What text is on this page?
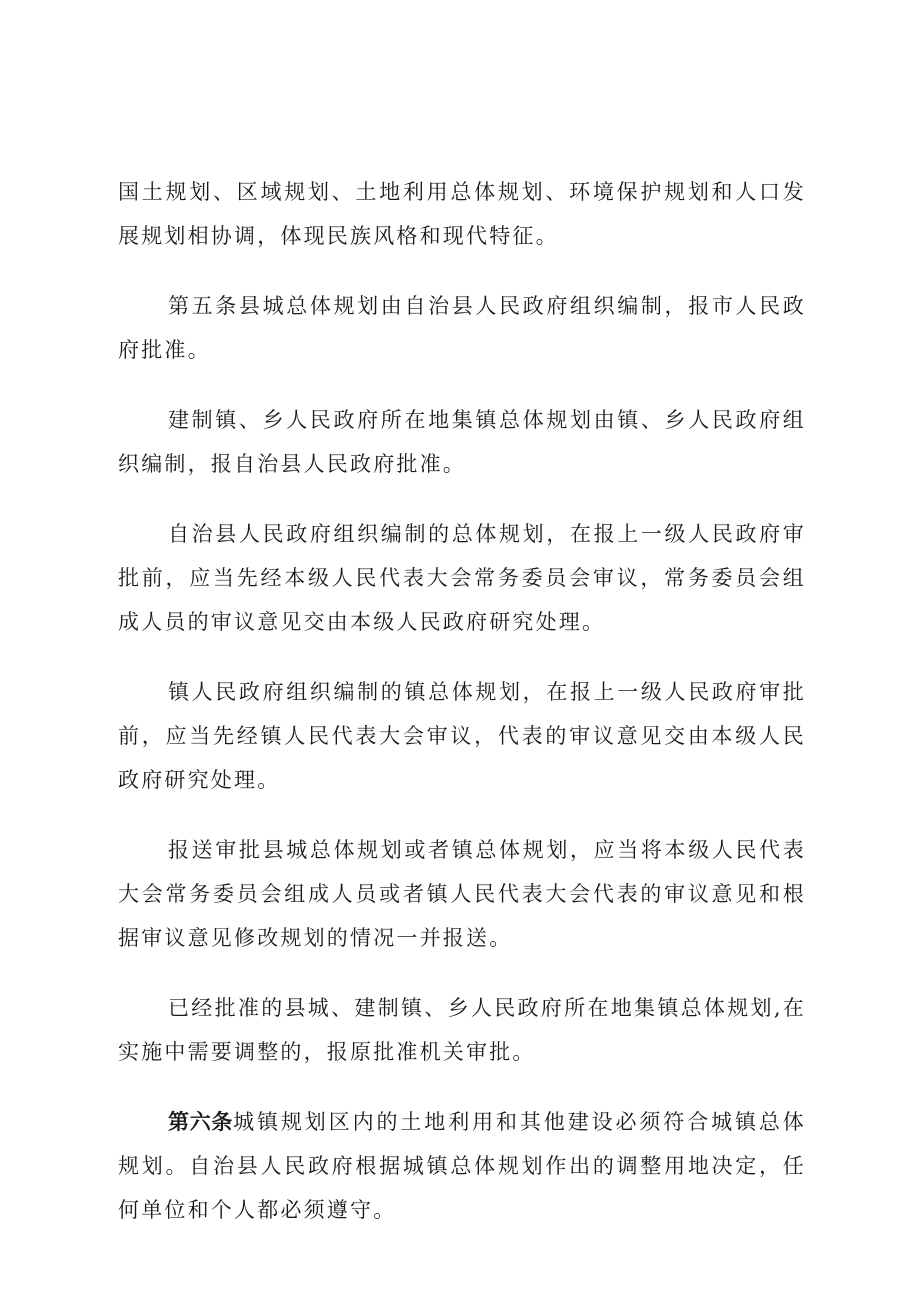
国土规划、区域规划、土地利用总体规划、环境保护规划和人口发展规划相协调，体现民族风格和现代特征。

第五条县城总体规划由自治县人民政府组织编制，报市人民政府批准。

建制镇、乡人民政府所在地集镇总体规划由镇、乡人民政府组织编制，报自治县人民政府批准。

自治县人民政府组织编制的总体规划，在报上一级人民政府审批前，应当先经本级人民代表大会常务委员会审议，常务委员会组成人员的审议意见交由本级人民政府研究处理。

镇人民政府组织编制的镇总体规划，在报上一级人民政府审批前，应当先经镇人民代表大会审议，代表的审议意见交由本级人民政府研究处理。

报送审批县城总体规划或者镇总体规划，应当将本级人民代表大会常务委员会组成人员或者镇人民代表大会代表的审议意见和根据审议意见修改规划的情况一并报送。

已经批准的县城、建制镇、乡人民政府所在地集镇总体规划,在实施中需要调整的，报原批准机关审批。

第六条城镇规划区内的土地利用和其他建设必须符合城镇总体规划。自治县人民政府根据城镇总体规划作出的调整用地决定，任何单位和个人都必须遵守。
